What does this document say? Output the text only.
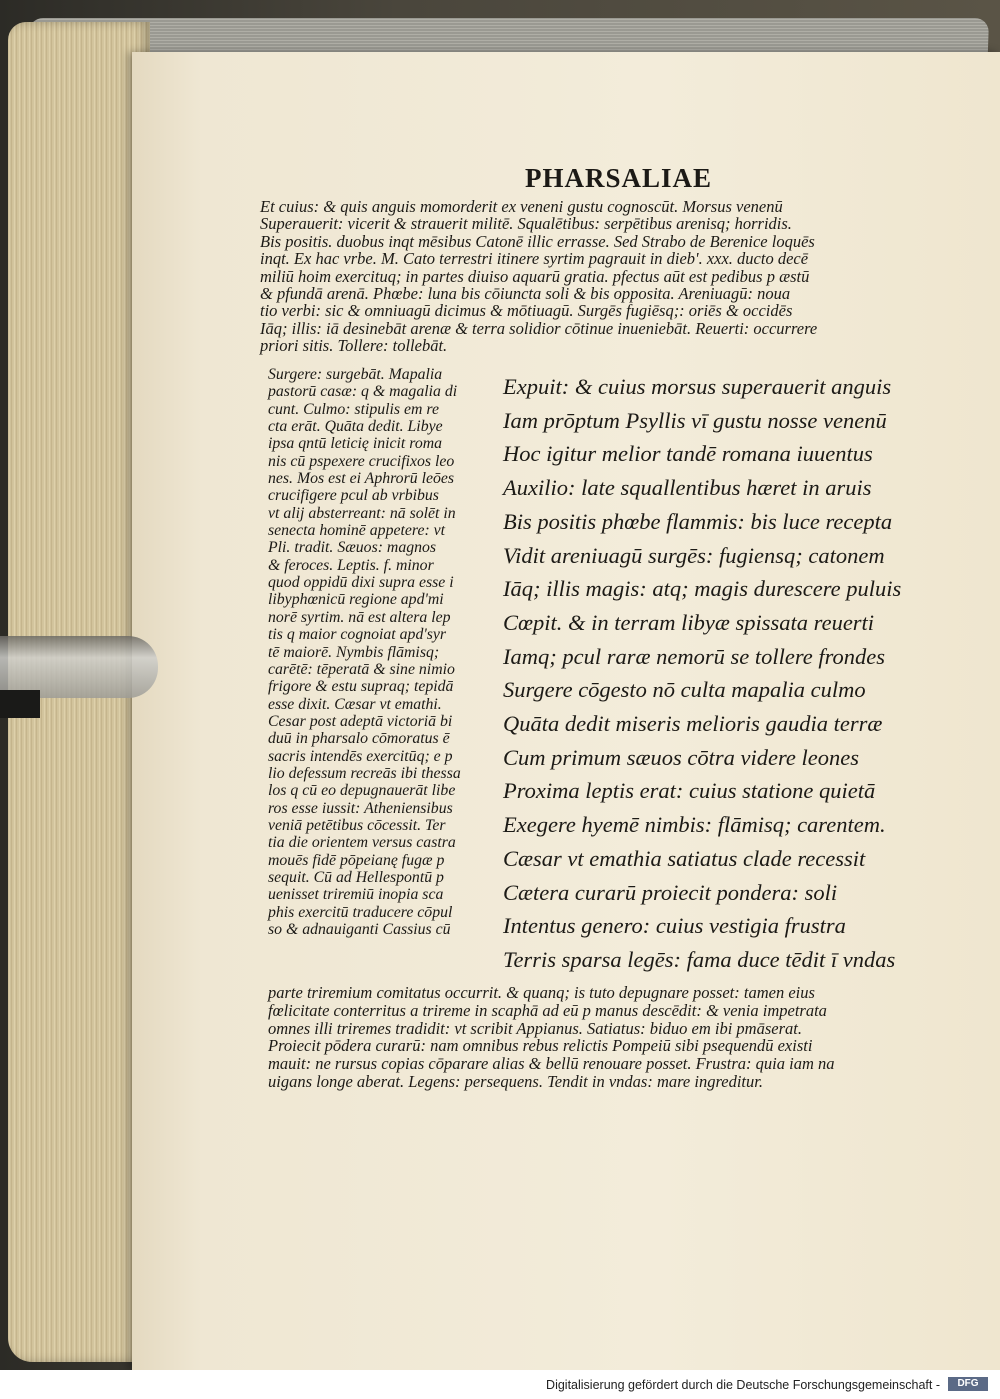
PHARSALIAE
Et cuius: & quis anguis momorderit ex veneni gustu cognoscūt. Morsus venenū
Superauerit: vicerit & strauerit militē. Squalētibus: serpētibus arenisq; horridis.
Bis positis. duobus inqt mēsibus Catonē illic errasse. Sed Strabo de Berenice loquēs
inqt. Ex hac vrbe. M. Cato terrestri itinere syrtim pagrauit in dieb'. xxx. ducto decē
miliū hoim exercituq; in partes diuiso aquarū gratia. pfectus aūt est pedibus p æstū
& pfundā arenā. Phœbe: luna bis cōiuncta soli & bis opposita. Areniuagū: noua
tio verbi: sic & omniuagū dicimus & mōtiuagū. Surgēs fugiēsq;: oriēs & occidēs
Iāq; illis: iā desinebāt arenæ & terra solidior cōtinue inueniebāt. Reuerti: occurrere
priori sitis. Tollere: tollebāt.
Surgere: surgebāt. Mapalia
pastorū casæ: q & magalia di
cunt. Culmo: stipulis em re
cta erāt. Quāta dedit. Libye
ipsa qntū leticię inicit roma
nis cū pspexere crucifixos leo
nes. Mos est ei Aphrorū leōes
crucifigere pcul ab vrbibus
vt alij absterreant: nā solēt in
senecta hominē appetere: vt
Pli. tradit. Sæuos: magnos
& feroces. Leptis. f. minor
quod oppidū dixi supra esse i
libyphœnicū regione apd'mi
norē syrtim. nā est altera lep
tis q maior cognoiat apd'syr
tē maiorē. Nymbis flāmisq;
carētē: tēperatā & sine nimio
frigore & estu supraq; tepidā
esse dixit. Cæsar vt emathi.
Cesar post adeptā victoriā bi
duū in pharsalo cōmoratus ē
sacris intendēs exercitūq; e p
lio defessum recreās ibi thessa
los q cū eo depugnauerāt libe
ros esse iussit: Atheniensibus
veniā petētibus cōcessit. Ter
tia die orientem versus castra
mouēs fidē pōpeianę fugæ p
sequit. Cū ad Hellespontū p
uenisset triremiū inopia sca
phis exercitū traducere cōpul
so & adnauiganti Cassius cū
Expuit: & cuius morsus superauerit anguis
Iam prōptum Psyllis vī gustu nosse venenū
Hoc igitur melior tandē romana iuuentus
Auxilio: late squallentibus hæret in aruis
Bis positis phœbe flammis: bis luce recepta
Vidit areniuagū surgēs: fugiensq; catonem
Iāq; illis magis: atq; magis durescere puluis
Cœpit. & in terram libyæ spissata reuerti
Iamq; pcul raræ nemorū se tollere frondes
Surgere cōgesto nō culta mapalia culmo
Quāta dedit miseris melioris gaudia terræ
Cum primum sæuos cōtra videre leones
Proxima leptis erat: cuius statione quietā
Exegere hyemē nimbis: flāmisq; carentem.
Cæsar vt emathia satiatus clade recessit
Cætera curarū proiecit pondera: soli
Intentus genero: cuius vestigia frustra
Terris sparsa legēs: fama duce tēdit ī vndas
parte triremium comitatus occurrit. & quanq; is tuto depugnare posset: tamen eius
fœlicitate conterritus a trireme in scaphā ad eū p manus descēdit: & venia impetrata
omnes illi triremes tradidit: vt scribit Appianus. Satiatus: biduo em ibi pmāserat.
Proiecit pōdera curarū: nam omnibus rebus relictis Pompeiū sibi psequendū existi
mauit: ne rursus copias cōparare alias & bellū renouare posset. Frustra: quia iam na
uigans longe aberat. Legens: persequens. Tendit in vndas: mare ingreditur.
Digitalisierung gefördert durch die Deutsche Forschungsgemeinschaft -	DFG
